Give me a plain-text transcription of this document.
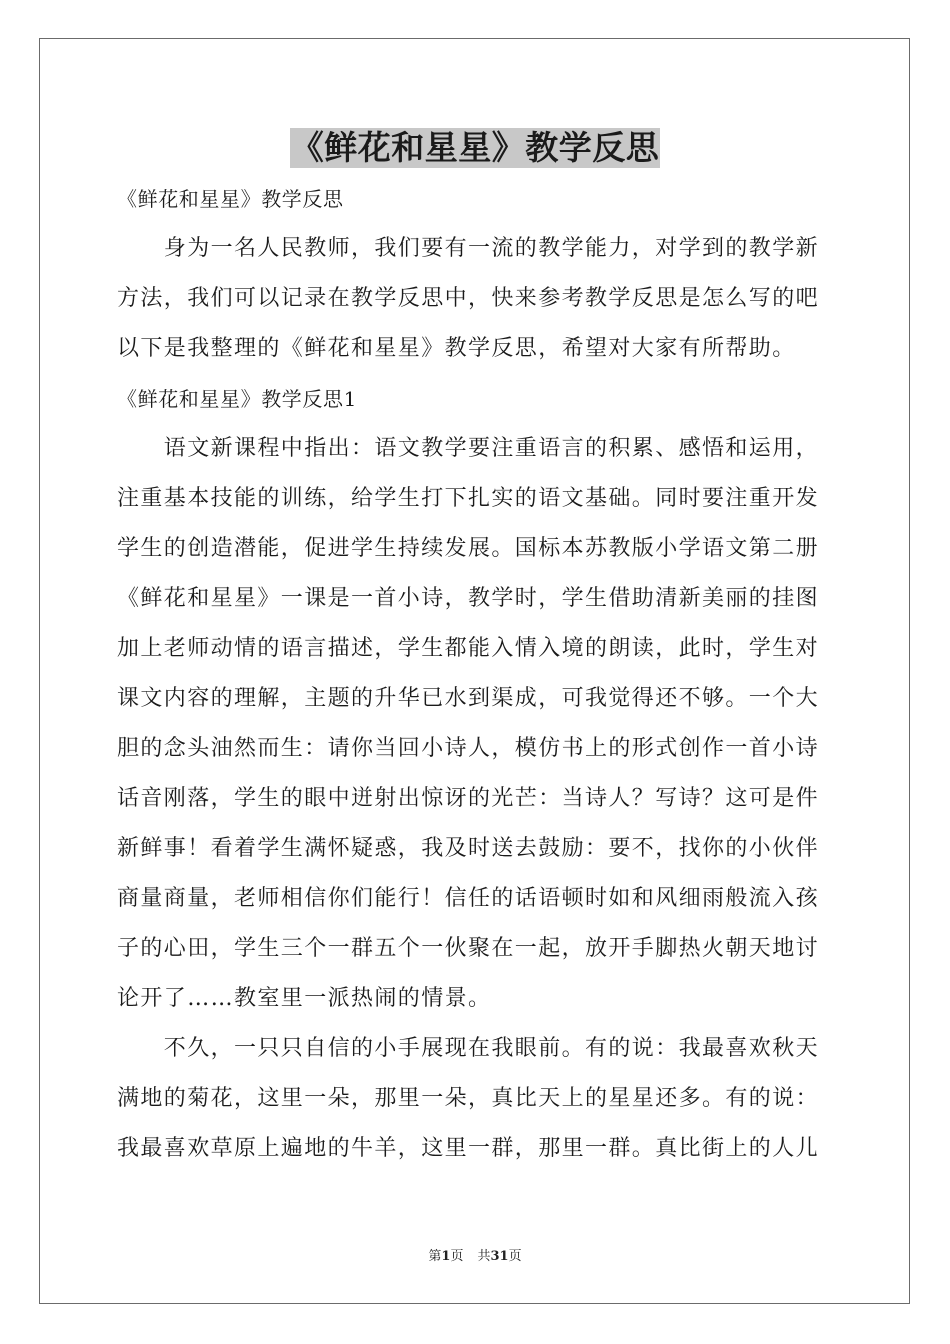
《鲜花和星星》教学反思
《鲜花和星星》教学反思
　　身为一名人民教师，我们要有一流的教学能力，对学到的教学新
方法，我们可以记录在教学反思中，快来参考教学反思是怎么写的吧
以下是我整理的《鲜花和星星》教学反思，希望对大家有所帮助。
《鲜花和星星》教学反思1
　　语文新课程中指出：语文教学要注重语言的积累、感悟和运用，
注重基本技能的训练，给学生打下扎实的语文基础。同时要注重开发
学生的创造潜能，促进学生持续发展。国标本苏教版小学语文第二册
《鲜花和星星》一课是一首小诗，教学时，学生借助清新美丽的挂图
加上老师动情的语言描述，学生都能入情入境的朗读，此时，学生对
课文内容的理解，主题的升华已水到渠成，可我觉得还不够。一个大
胆的念头油然而生：请你当回小诗人，模仿书上的形式创作一首小诗
话音刚落，学生的眼中迸射出惊讶的光芒：当诗人？写诗？这可是件
新鲜事！看着学生满怀疑惑，我及时送去鼓励：要不，找你的小伙伴
商量商量，老师相信你们能行！信任的话语顿时如和风细雨般流入孩
子的心田，学生三个一群五个一伙聚在一起，放开手脚热火朝天地讨
论开了……教室里一派热闹的情景。
　　不久，一只只自信的小手展现在我眼前。有的说：我最喜欢秋天
满地的菊花，这里一朵，那里一朵，真比天上的星星还多。有的说：
我最喜欢草原上遍地的牛羊，这里一群，那里一群。真比街上的人儿
第1页 共31页
